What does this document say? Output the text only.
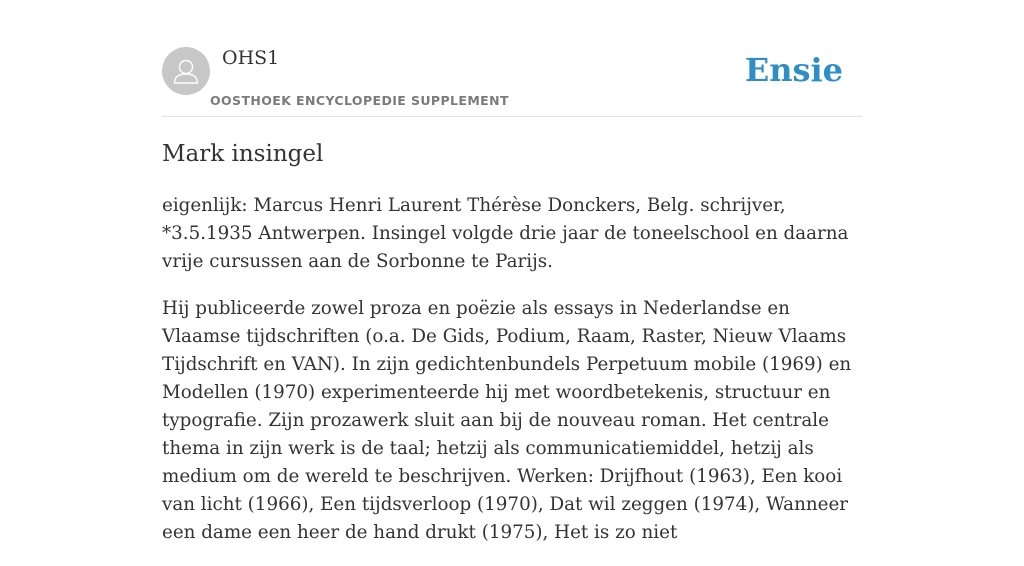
OHS1
OOSTHOEK ENCYCLOPEDIE SUPPLEMENT
Ensie
Mark insingel

eigenlijk: Marcus Henri Laurent Thérèse Donckers, Belg. schrijver, *3.5.1935 Antwerpen. Insingel volgde drie jaar de toneelschool en daarna vrije cursussen aan de Sorbonne te Parijs.

Hij publiceerde zowel proza en poëzie als essays in Nederlandse en Vlaamse tijdschriften (o.a. De Gids, Podium, Raam, Raster, Nieuw Vlaams Tijdschrift en VAN). In zijn gedichtenbundels Perpetuum mobile (1969) en Modellen (1970) experimenteerde hij met woordbetekenis, structuur en typografie. Zijn prozawerk sluit aan bij de nouveau roman. Het centrale thema in zijn werk is de taal; hetzij als communicatiemiddel, hetzij als medium om de wereld te beschrijven. Werken: Drijfhout (1963), Een kooi van licht (1966), Een tijdsverloop (1970), Dat wil zeggen (1974), Wanneer een dame een heer de hand drukt (1975), Het is zo niet
